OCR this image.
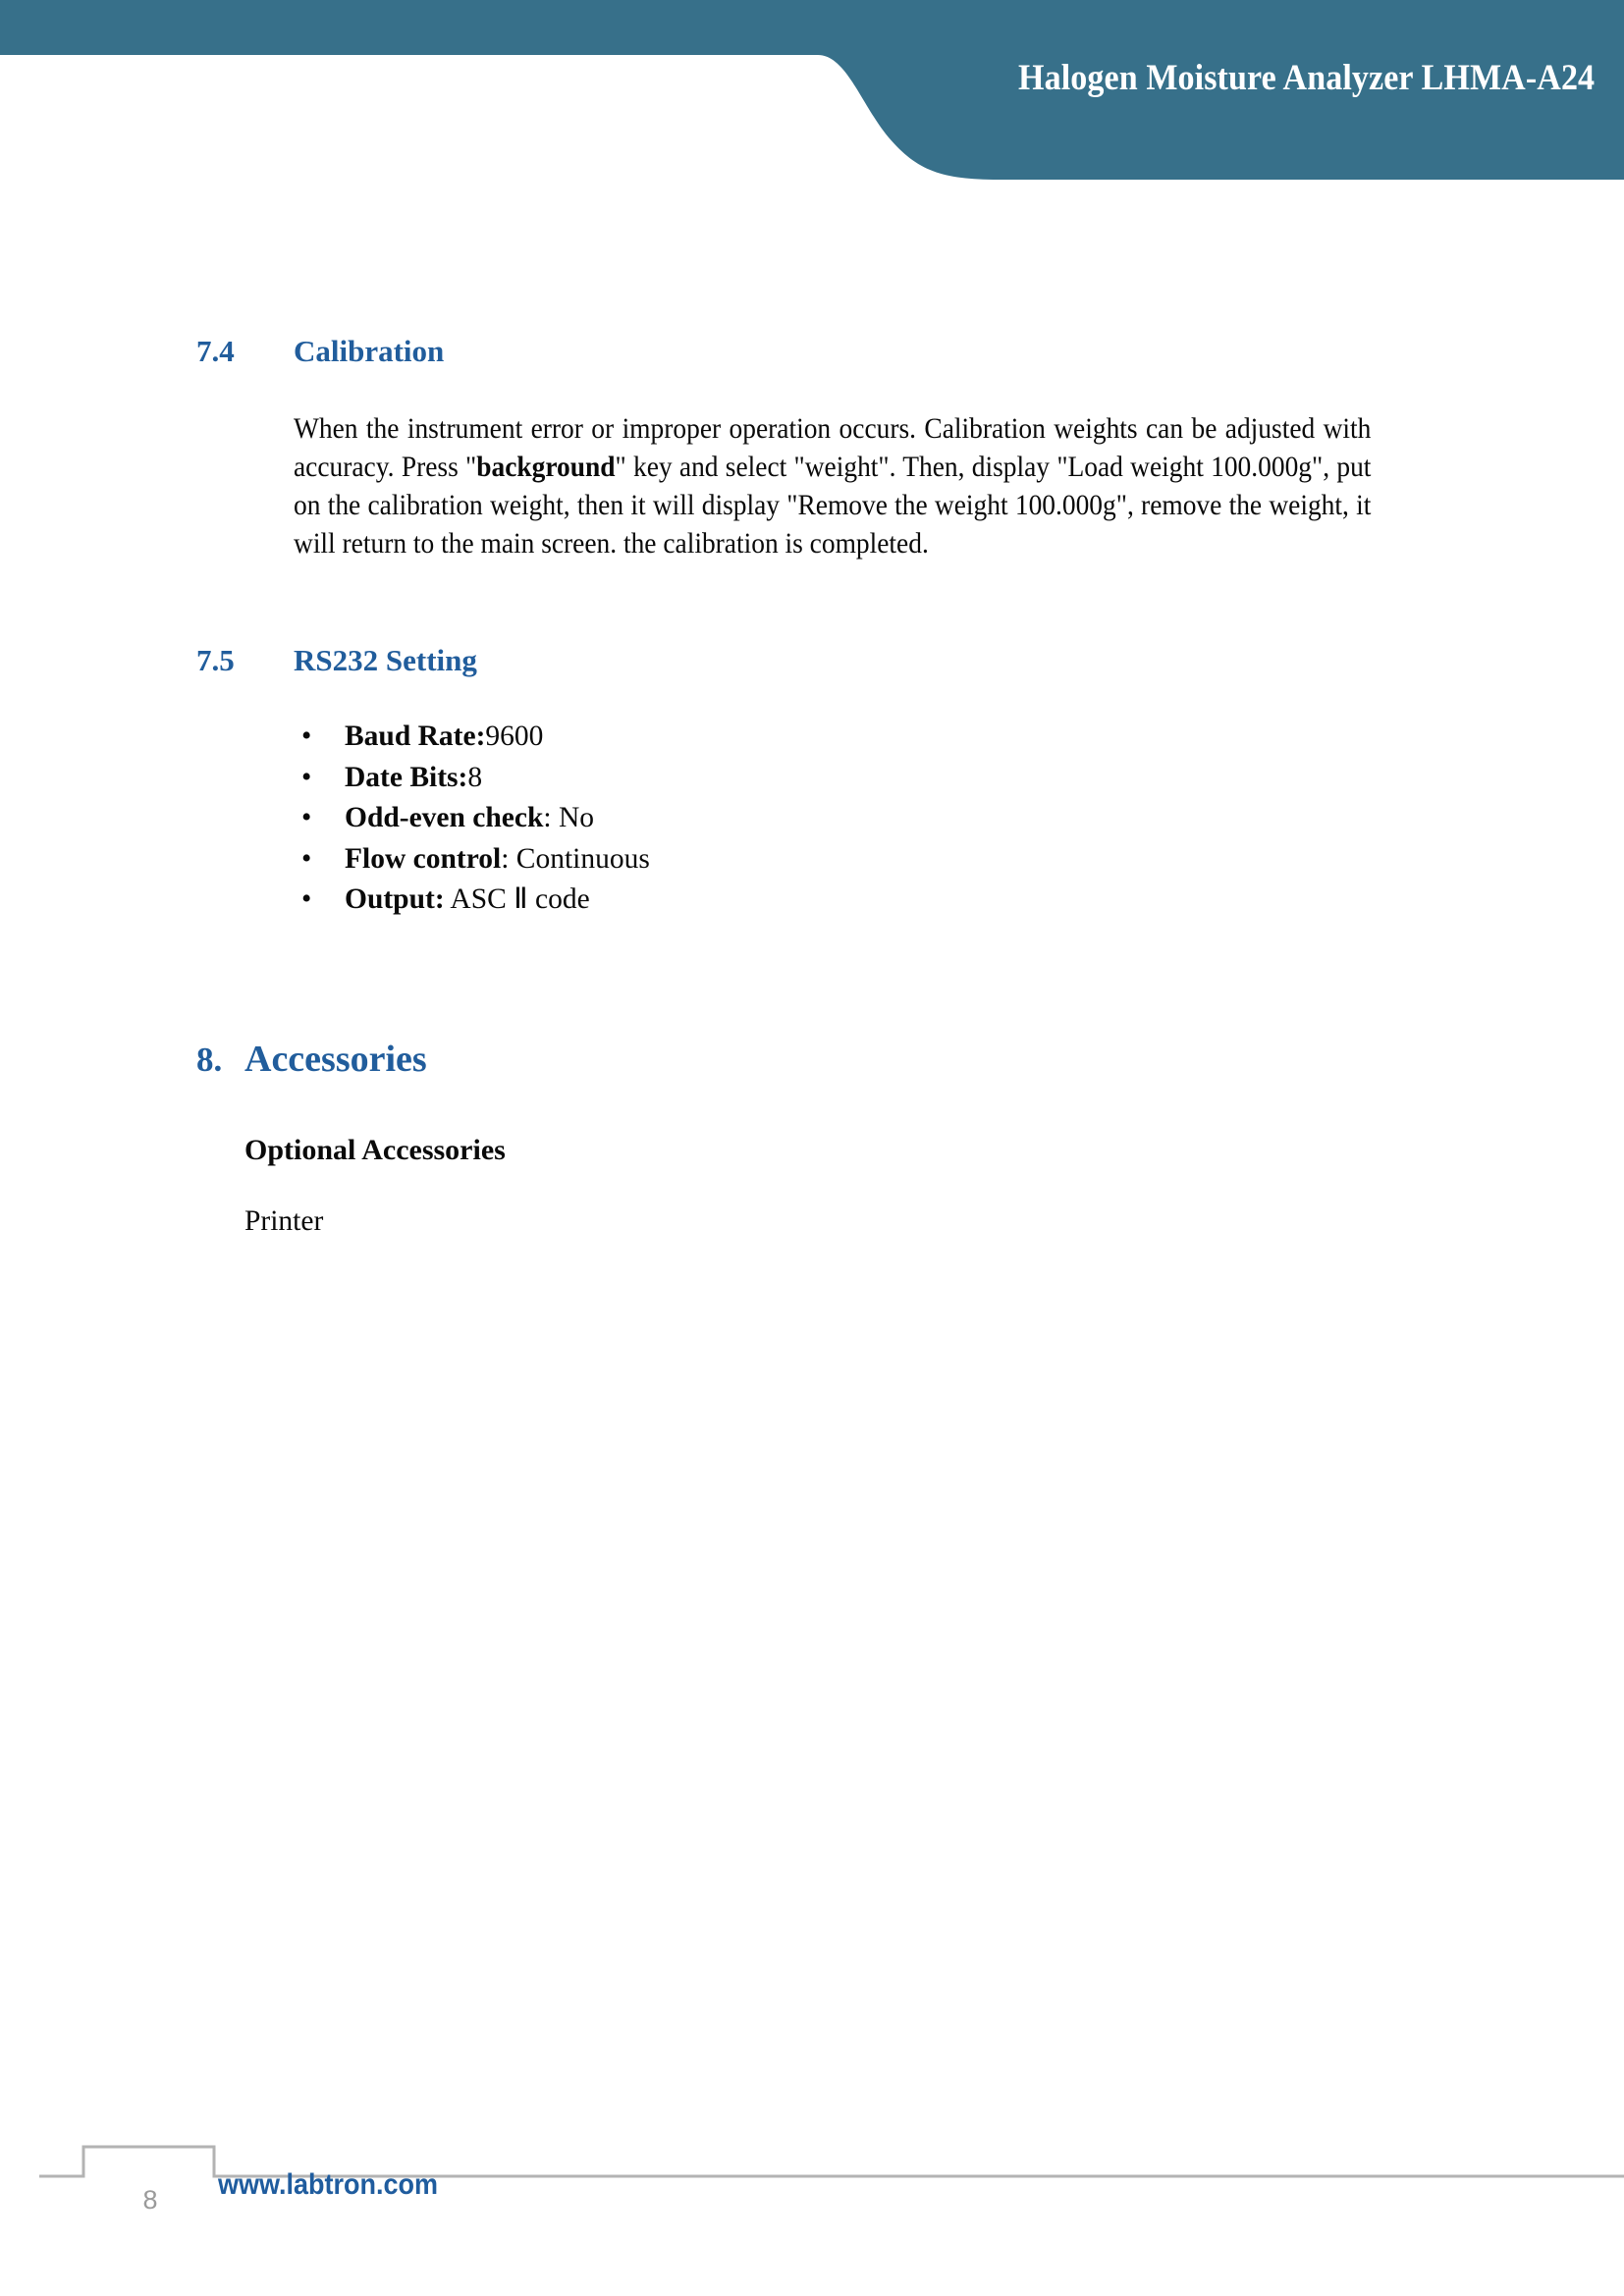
Halogen Moisture Analyzer LHMA-A24
7.4 Calibration
When the instrument error or improper operation occurs. Calibration weights can be adjusted with accuracy. Press "background" key and select "weight". Then, display "Load weight 100.000g", put on the calibration weight, then it will display "Remove the weight 100.000g", remove the weight, it will return to the main screen. the calibration is completed.
7.5 RS232 Setting
• Baud Rate:9600
• Date Bits:8
• Odd-even check: No
• Flow control: Continuous
• Output: ASC Ⅱ code
8. Accessories
Optional Accessories
Printer
8	www.labtron.com
